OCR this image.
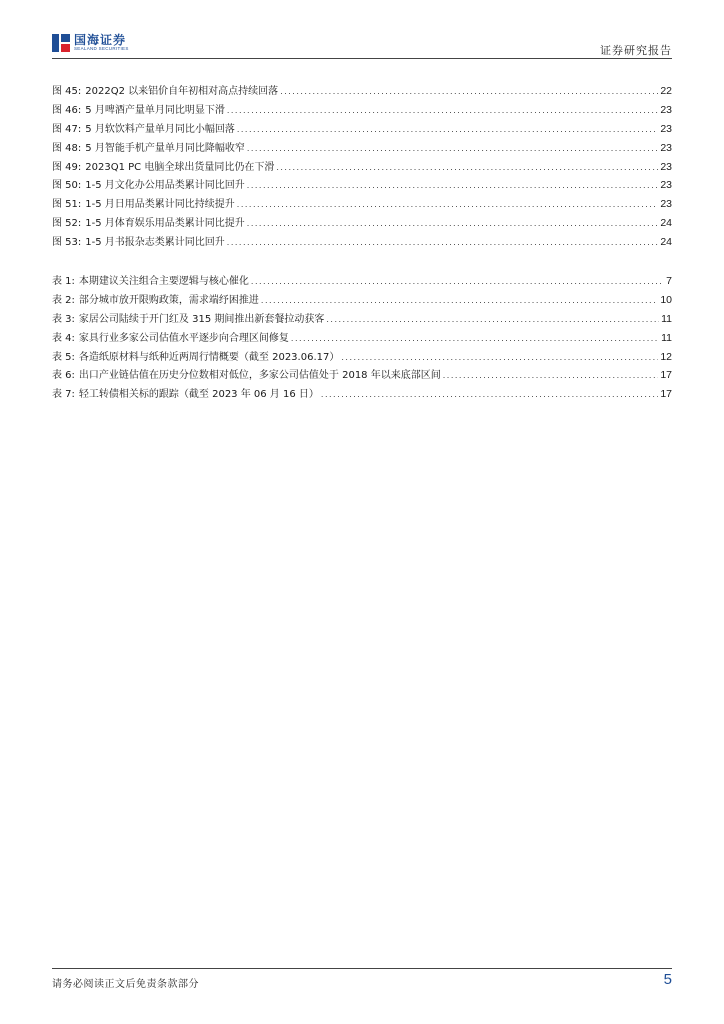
国海证券
SEALAND SECURITIES	证券研究报告
图 45: 2022Q2 以来铝价自年初相对高点持续回落 .....	22
图 46: 5 月啤酒产量单月同比明显下滑 .....	23
图 47: 5 月软饮料产量单月同比小幅回落 .....	23
图 48: 5 月智能手机产量单月同比降幅收窄 .....	23
图 49: 2023Q1 PC 电脑全球出货量同比仍在下滑 .....	23
图 50: 1-5 月文化办公用品类累计同比回升 .....	23
图 51: 1-5 月日用品类累计同比持续提升 .....	23
图 52: 1-5 月体育娱乐用品类累计同比提升 .....	24
图 53: 1-5 月书报杂志类累计同比回升 .....	24
表 1: 本期建议关注组合主要逻辑与核心催化 .....	7
表 2: 部分城市放开限购政策，需求端纾困推进 .....	10
表 3: 家居公司陆续于开门红及 315 期间推出新套餐拉动获客 .....	11
表 4: 家具行业多家公司估值水平逐步向合理区间修复 .....	11
表 5: 各造纸原材料与纸种近两周行情概要（截至 2023.06.17） .....	12
表 6: 出口产业链估值在历史分位数相对低位，多家公司估值处于 2018 年以来底部区间 .....	17
表 7: 轻工转债相关标的跟踪（截至 2023 年 06 月 16 日） .....	17
请务必阅读正文后免责条款部分	5
